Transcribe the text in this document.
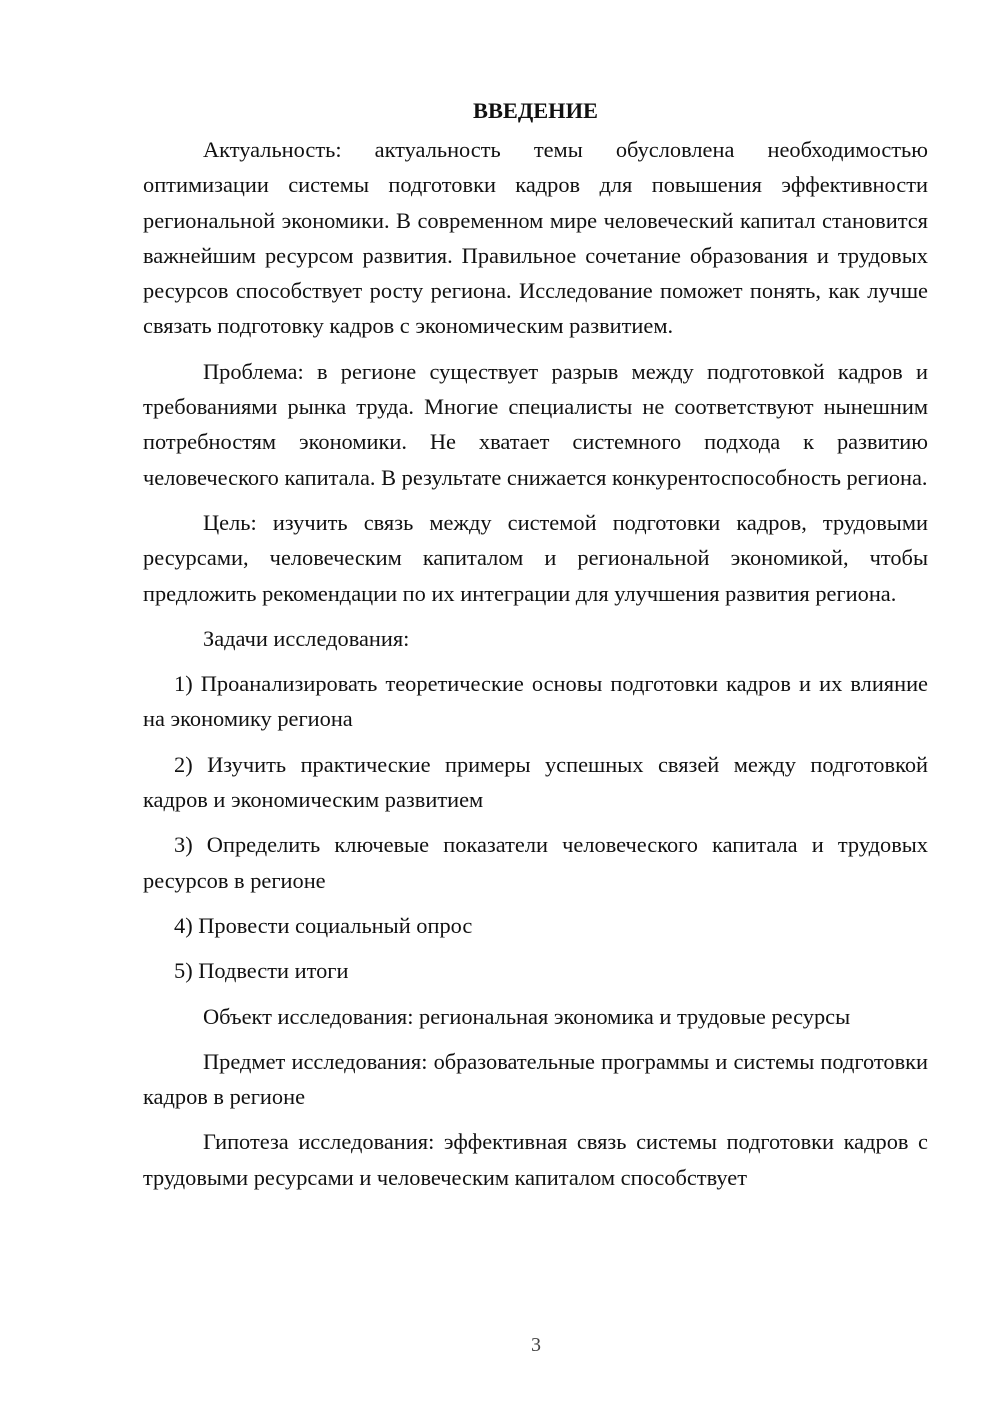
ВВЕДЕНИЕ

Актуальность: актуальность темы обусловлена необходимостью оптимизации системы подготовки кадров для повышения эффективности региональной экономики. В современном мире человеческий капитал становится важнейшим ресурсом развития. Правильное сочетание образования и трудовых ресурсов способствует росту региона. Исследование поможет понять, как лучше связать подготовку кадров с экономическим развитием.

Проблема: в регионе существует разрыв между подготовкой кадров и требованиями рынка труда. Многие специалисты не соответствуют нынешним потребностям экономики. Не хватает системного подхода к развитию человеческого капитала. В результате снижается конкурентоспособность региона.

Цель: изучить связь между системой подготовки кадров, трудовыми ресурсами, человеческим капиталом и региональной экономикой, чтобы предложить рекомендации по их интеграции для улучшения развития региона.

Задачи исследования:

1) Проанализировать теоретические основы подготовки кадров и их влияние на экономику региона

2) Изучить практические примеры успешных связей между подготовкой кадров и экономическим развитием

3) Определить ключевые показатели человеческого капитала и трудовых ресурсов в регионе

4) Провести социальный опрос

5) Подвести итоги

Объект исследования: региональная экономика и трудовые ресурсы

Предмет исследования: образовательные программы и системы подготовки кадров в регионе

Гипотеза исследования: эффективная связь системы подготовки кадров с трудовыми ресурсами и человеческим капиталом способствует

3
